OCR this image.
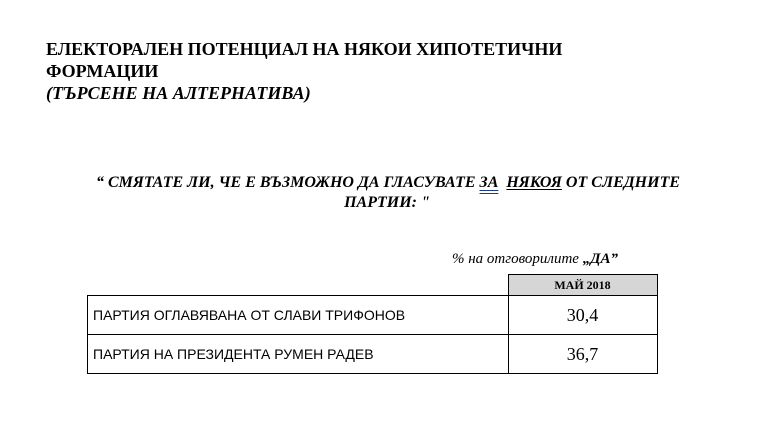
ЕЛЕКТОРАЛЕН ПОТЕНЦИАЛ НА НЯКОИ ХИПОТЕТИЧНИ
ФОРМАЦИИ
(ТЪРСЕНЕ НА АЛТЕРНАТИВА)
“ СМЯТАТЕ ЛИ, ЧЕ Е ВЪЗМОЖНО ДА ГЛАСУВАТЕ ЗА НЯКОЯ ОТ СЛЕДНИТЕ
ПАРТИИ: "
% на отговорилите „ДА”
	МАЙ 2018
ПАРТИЯ ОГЛАВЯВАНА ОТ СЛАВИ ТРИФОНОВ	30,4
ПАРТИЯ НА ПРЕЗИДЕНТА РУМЕН РАДЕВ	36,7
